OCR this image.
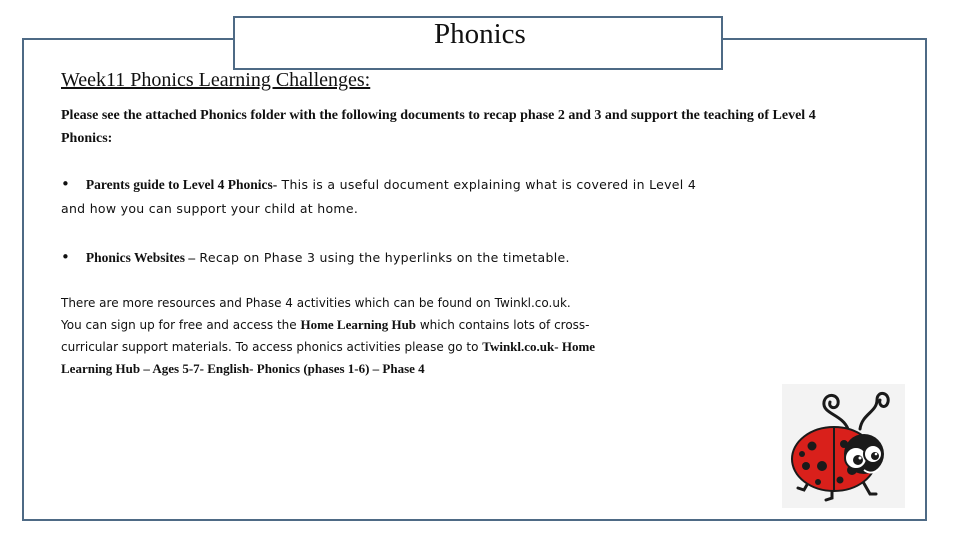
Phonics
Week11 Phonics Learning Challenges:
Please see the attached Phonics folder with the following documents to recap phase 2 and 3 and support the teaching of Level 4 Phonics:
• Parents guide to Level 4 Phonics- This is a useful document explaining what is covered in Level 4 and how you can support your child at home.
• Phonics Websites – Recap on Phase 3 using the hyperlinks on the timetable.
There are more resources and Phase 4 activities which can be found on Twinkl.co.uk.
You can sign up for free and access the Home Learning Hub which contains lots of cross-curricular support materials. To access phonics activities please go to Twinkl.co.uk- Home Learning Hub – Ages 5-7- English- Phonics (phases 1-6) – Phase 4
